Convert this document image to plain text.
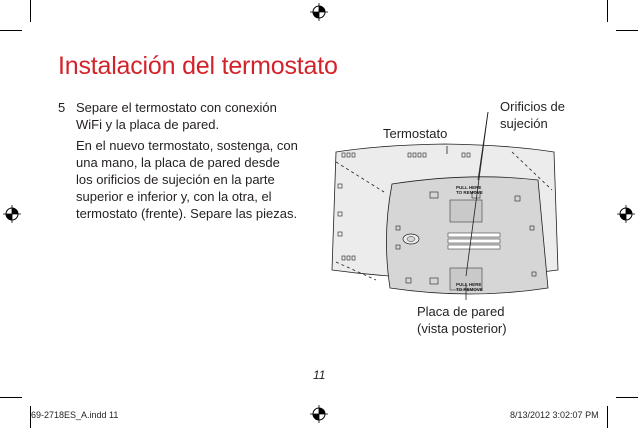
Instalación del termostato
5 Separe el termostato con conexión
WiFi y la placa de pared.
En el nuevo termostato, sostenga, con
una mano, la placa de pared desde
los orificios de sujeción en la parte
superior e inferior y, con la otra, el
termostato (frente). Separe las piezas.
PULL HERE TO REMOVE
PULL HERE TO REMOVE
Termostato
Orificios de
sujeción
Placa de pared
(vista posterior)
11
69-2718ES_A.indd 11	8/13/2012 3:02:07 PM
